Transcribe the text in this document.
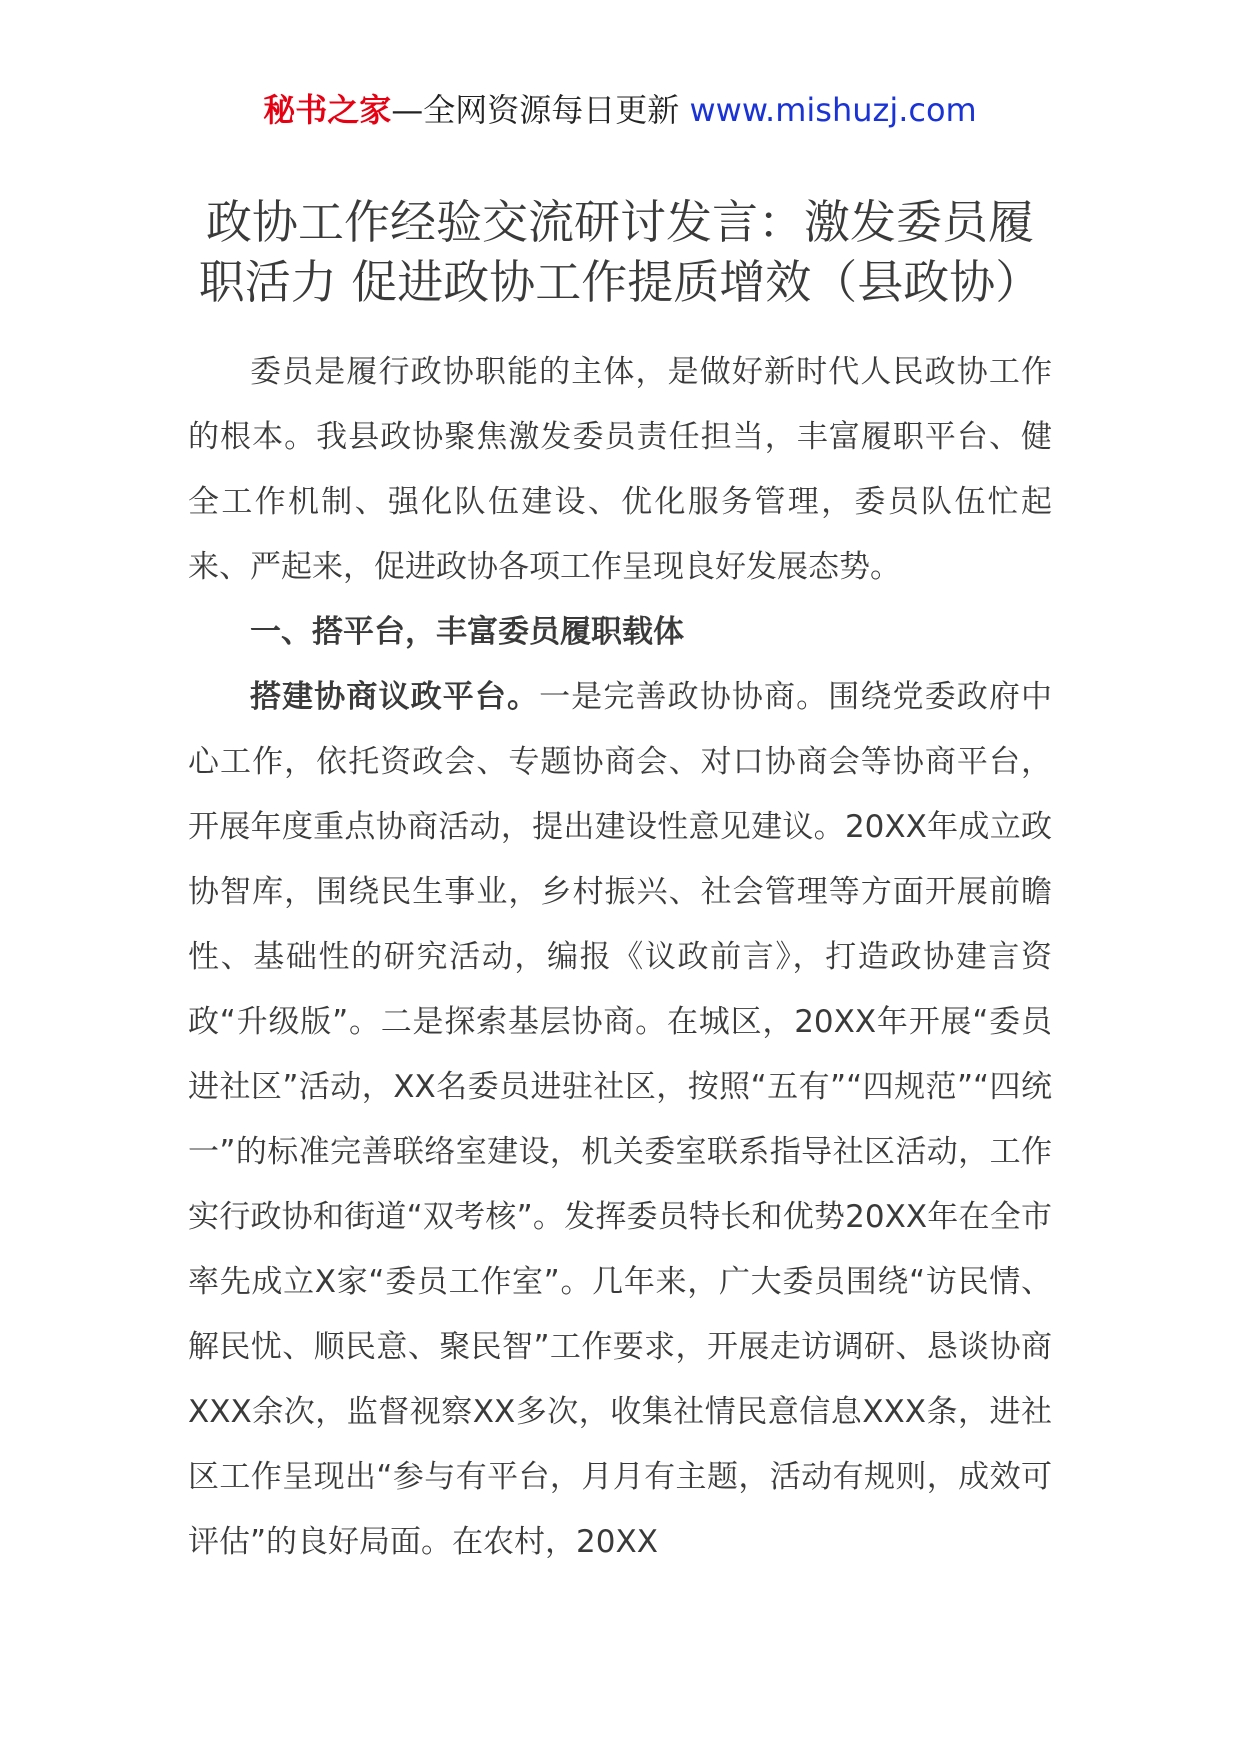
秘书之家—全网资源每日更新 www.mishuzj.com
政协工作经验交流研讨发言：激发委员履
职活力 促进政协工作提质增效（县政协）

委员是履行政协职能的主体，是做好新时代人民政协工作的根本。我县政协聚焦激发委员责任担当，丰富履职平台、健全工作机制、强化队伍建设、优化服务管理，委员队伍忙起来、严起来，促进政协各项工作呈现良好发展态势。

一、搭平台，丰富委员履职载体

搭建协商议政平台。一是完善政协协商。围绕党委政府中心工作，依托资政会、专题协商会、对口协商会等协商平台，开展年度重点协商活动，提出建设性意见建议。20XX年成立政协智库，围绕民生事业，乡村振兴、社会管理等方面开展前瞻性、基础性的研究活动，编报《议政前言》，打造政协建言资政“升级版”。二是探索基层协商。在城区，20XX年开展“委员进社区”活动，XX名委员进驻社区，按照“五有”“四规范”“四统一”的标准完善联络室建设，机关委室联系指导社区活动，工作实行政协和街道“双考核”。发挥委员特长和优势20XX年在全市率先成立X家“委员工作室”。几年来，广大委员围绕“访民情、解民忧、顺民意、聚民智”工作要求，开展走访调研、恳谈协商XXX余次，监督视察XX多次，收集社情民意信息XXX条，进社区工作呈现出“参与有平台，月月有主题，活动有规则，成效可评估”的良好局面。在农村，20XX
